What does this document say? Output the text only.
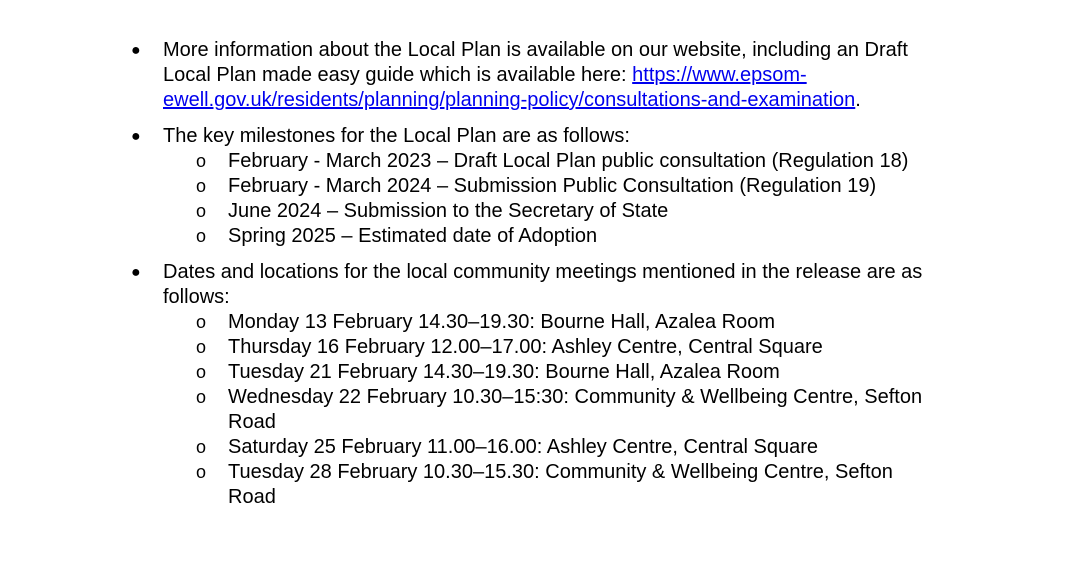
● More information about the Local Plan is available on our website, including an Draft Local Plan made easy guide which is available here: https://www.epsom-ewell.gov.uk/residents/planning/planning-policy/consultations-and-examination.
● The key milestones for the Local Plan are as follows:
o February - March 2023 – Draft Local Plan public consultation (Regulation 18)
o February - March 2024 – Submission Public Consultation (Regulation 19)
o June 2024 – Submission to the Secretary of State
o Spring 2025 – Estimated date of Adoption
● Dates and locations for the local community meetings mentioned in the release are as follows:
o Monday 13 February 14.30–19.30: Bourne Hall, Azalea Room
o Thursday 16 February 12.00–17.00: Ashley Centre, Central Square
o Tuesday 21 February 14.30–19.30: Bourne Hall, Azalea Room
o Wednesday 22 February 10.30–15:30: Community & Wellbeing Centre, Sefton Road
o Saturday 25 February 11.00–16.00: Ashley Centre, Central Square
o Tuesday 28 February 10.30–15.30: Community & Wellbeing Centre, Sefton Road
